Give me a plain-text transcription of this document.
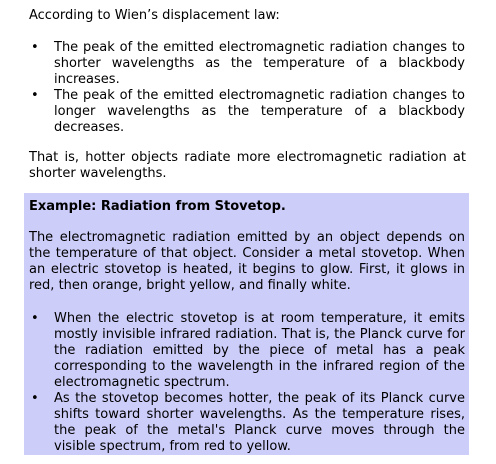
According to Wien’s displacement law:

• The peak of the emitted electromagnetic radiation changes to shorter wavelengths as the temperature of a blackbody increases.
• The peak of the emitted electromagnetic radiation changes to longer wavelengths as the temperature of a blackbody decreases.

That is, hotter objects radiate more electromagnetic radiation at shorter wavelengths.

Example: Radiation from Stovetop.

The electromagnetic radiation emitted by an object depends on the temperature of that object. Consider a metal stovetop. When an electric stovetop is heated, it begins to glow. First, it glows in red, then orange, bright yellow, and finally white.

• When the electric stovetop is at room temperature, it emits mostly invisible infrared radiation. That is, the Planck curve for the radiation emitted by the piece of metal has a peak corresponding to the wavelength in the infrared region of the electromagnetic spectrum.
• As the stovetop becomes hotter, the peak of its Planck curve shifts toward shorter wavelengths. As the temperature rises, the peak of the metal's Planck curve moves through the visible spectrum, from red to yellow.
